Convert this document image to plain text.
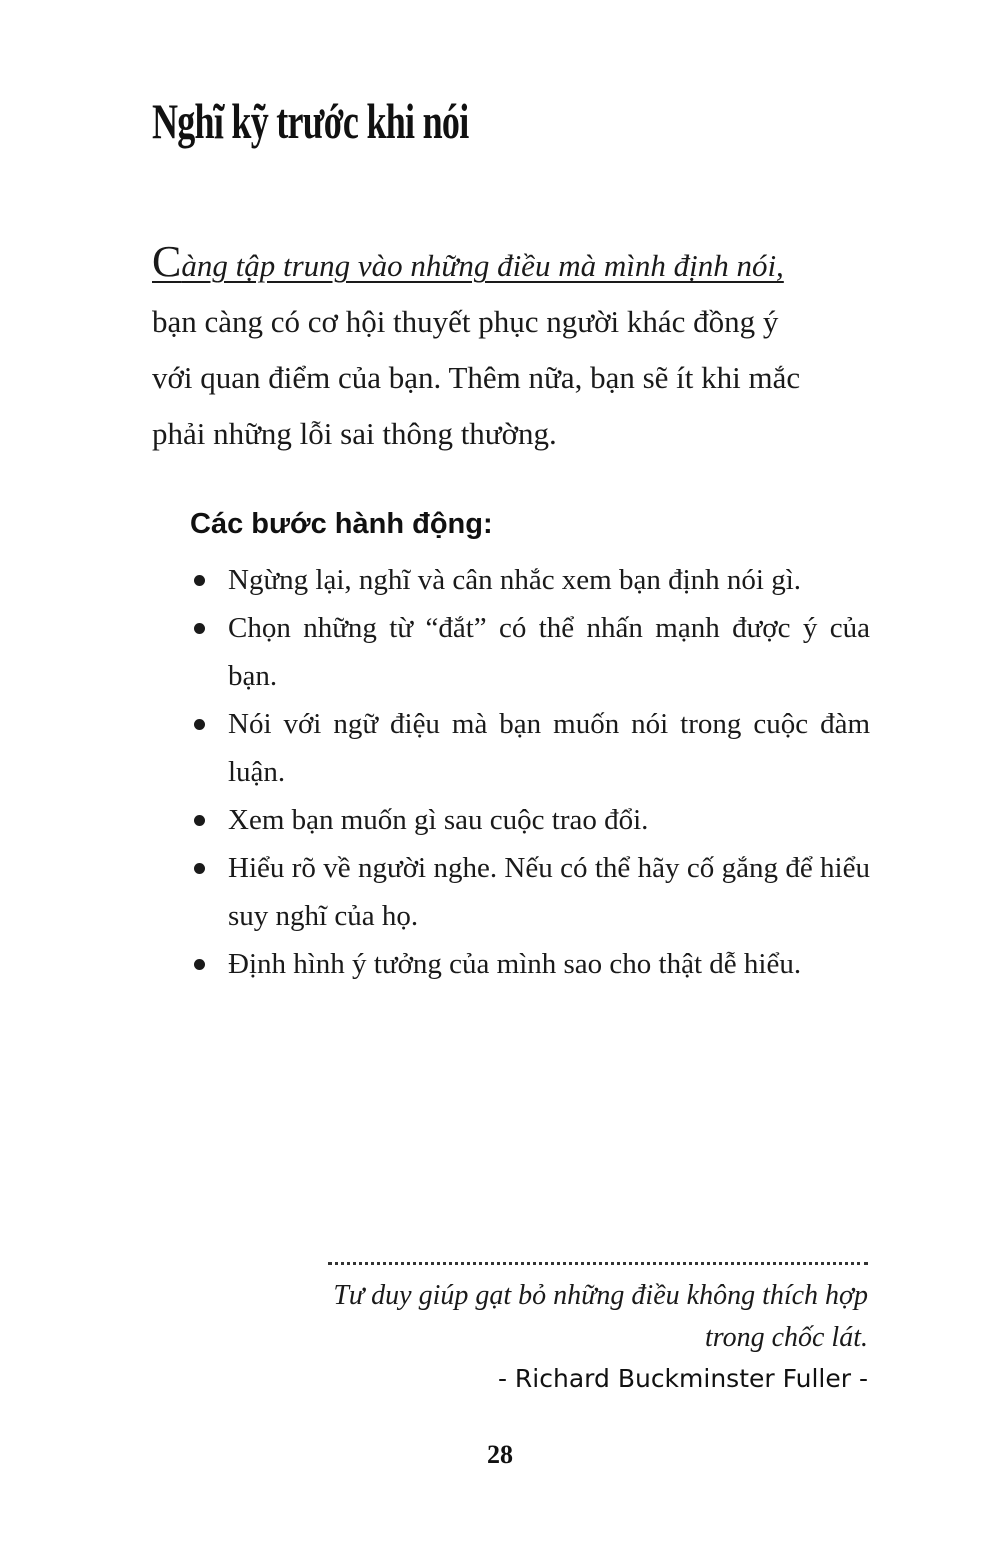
Nghĩ kỹ trước khi nói
Càng tập trung vào những điều mà mình định nói,
bạn càng có cơ hội thuyết phục người khác đồng ý
với quan điểm của bạn. Thêm nữa, bạn sẽ ít khi mắc
phải những lỗi sai thông thường.
Các bước hành động:
Ngừng lại, nghĩ và cân nhắc xem bạn định nói gì.
Chọn những từ “đắt” có thể nhấn mạnh được ý của bạn.
Nói với ngữ điệu mà bạn muốn nói trong cuộc đàm luận.
Xem bạn muốn gì sau cuộc trao đổi.
Hiểu rõ về người nghe. Nếu có thể hãy cố gắng để hiểu suy nghĩ của họ.
Định hình ý tưởng của mình sao cho thật dễ hiểu.
Tư duy giúp gạt bỏ những điều không thích hợp
trong chốc lát.
- Richard Buckminster Fuller -
28
